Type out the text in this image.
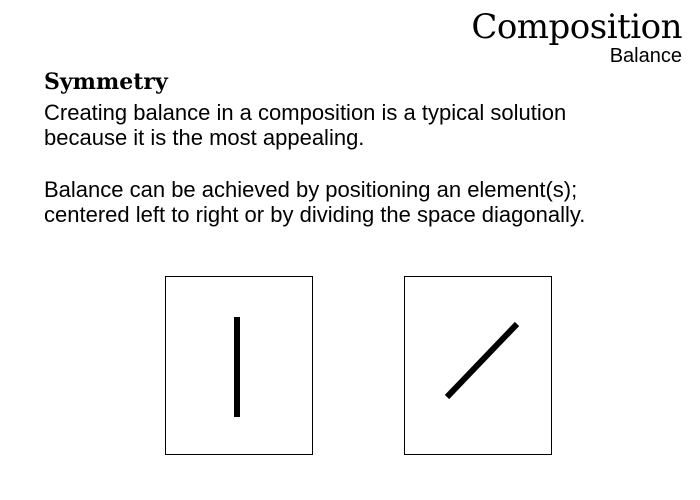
Composition
Balance
Symmetry
Creating balance in a composition is a typical solution
because it is the most appealing.
Balance can be achieved by positioning an element(s);
centered left to right or by dividing the space diagonally.
